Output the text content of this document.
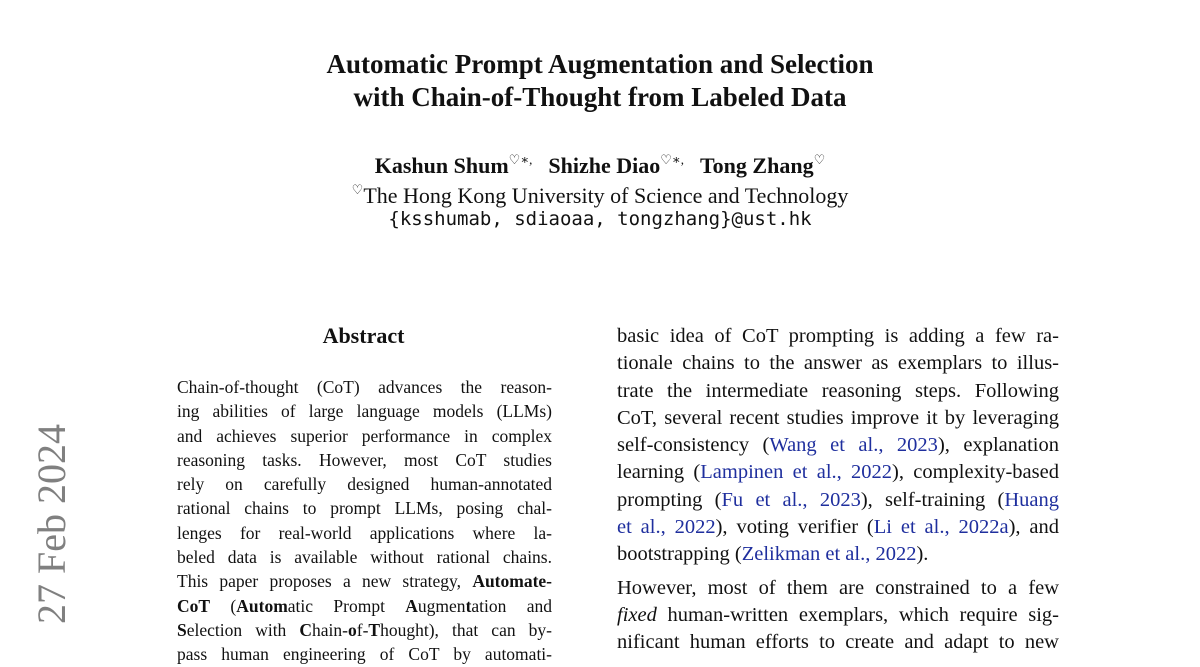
Automatic Prompt Augmentation and Selection
with Chain-of-Thought from Labeled Data
Kashun Shum♡∗, Shizhe Diao♡∗, Tong Zhang♡
♡The Hong Kong University of Science and Technology
{ksshumab, sdiaoaa, tongzhang}@ust.hk
27 Feb 2024
Abstract
Chain-of-thought (CoT) advances the reason-
ing abilities of large language models (LLMs)
and achieves superior performance in complex
reasoning tasks. However, most CoT studies
rely on carefully designed human-annotated
rational chains to prompt LLMs, posing chal-
lenges for real-world applications where la-
beled data is available without rational chains.
This paper proposes a new strategy, Automate-
CoT (Automatic Prompt Augmentation and
Selection with Chain-of-Thought), that can by-
pass human engineering of CoT by automati-
basic idea of CoT prompting is adding a few ra-
tionale chains to the answer as exemplars to illus-
trate the intermediate reasoning steps. Following
CoT, several recent studies improve it by leveraging
self-consistency (Wang et al., 2023), explanation
learning (Lampinen et al., 2022), complexity-based
prompting (Fu et al., 2023), self-training (Huang
et al., 2022), voting verifier (Li et al., 2022a), and
bootstrapping (Zelikman et al., 2022).
However, most of them are constrained to a few
fixed human-written exemplars, which require sig-
nificant human efforts to create and adapt to new
